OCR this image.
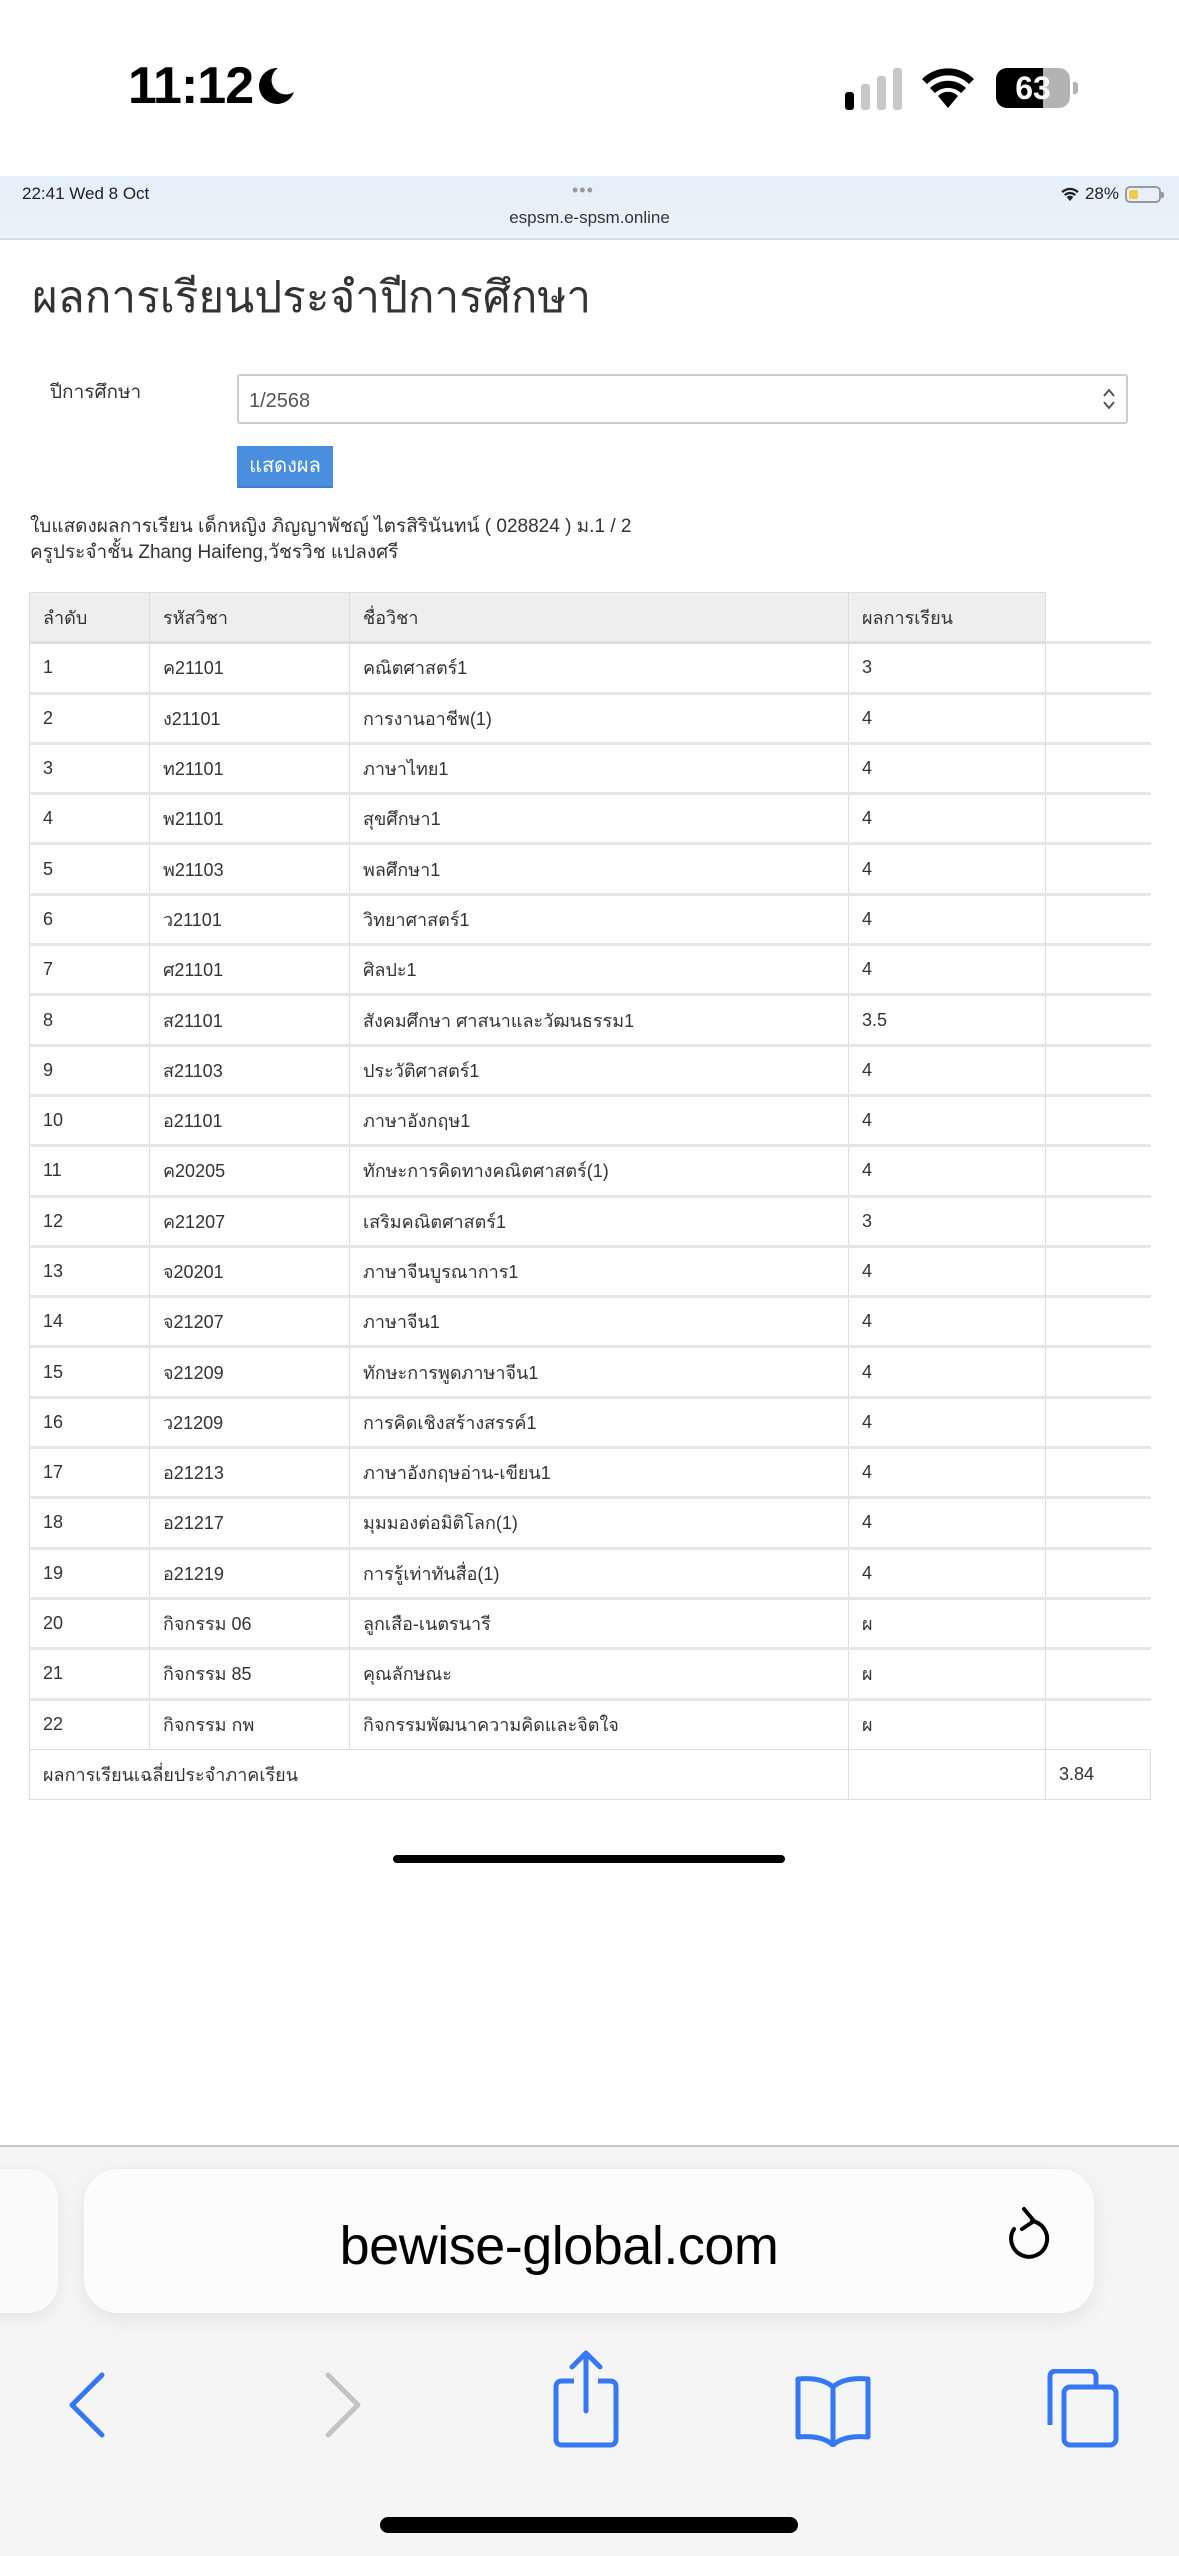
11:12	63
22:41 Wed 8 Oct	•••
espsm.e-spsm.online
28%
ผลการเรียนประจำปีการศึกษา
ปีการศึกษา	1/2568
แสดงผล
ใบแสดงผลการเรียน เด็กหญิง ภิญญาพัชญ์ ไตรสิรินันทน์ ( 028824 ) ม.1 / 2
ครูประจำชั้น Zhang Haifeng,วัชรวิช แปลงศรี
ลำดับ	รหัสวิชา	ชื่อวิชา	ผลการเรียน	
1	ค21101	คณิตศาสตร์1	3	
2	ง21101	การงานอาชีพ(1)	4	
3	ท21101	ภาษาไทย1	4	
4	พ21101	สุขศึกษา1	4	
5	พ21103	พลศึกษา1	4	
6	ว21101	วิทยาศาสตร์1	4	
7	ศ21101	ศิลปะ1	4	
8	ส21101	สังคมศึกษา ศาสนาและวัฒนธรรม1	3.5	
9	ส21103	ประวัติศาสตร์1	4	
10	อ21101	ภาษาอังกฤษ1	4	
11	ค20205	ทักษะการคิดทางคณิตศาสตร์(1)	4	
12	ค21207	เสริมคณิตศาสตร์1	3	
13	จ20201	ภาษาจีนบูรณาการ1	4	
14	จ21207	ภาษาจีน1	4	
15	จ21209	ทักษะการพูดภาษาจีน1	4	
16	ว21209	การคิดเชิงสร้างสรรค์1	4	
17	อ21213	ภาษาอังกฤษอ่าน-เขียน1	4	
18	อ21217	มุมมองต่อมิติโลก(1)	4	
19	อ21219	การรู้เท่าทันสื่อ(1)	4	
20	กิจกรรม 06	ลูกเสือ-เนตรนารี	ผ	
21	กิจกรรม 85	คุณลักษณะ	ผ	
22	กิจกรรม กพ	กิจกรรมพัฒนาความคิดและจิตใจ	ผ	
ผลการเรียนเฉลี่ยประจำภาคเรียน				3.84
bewise-global.com
